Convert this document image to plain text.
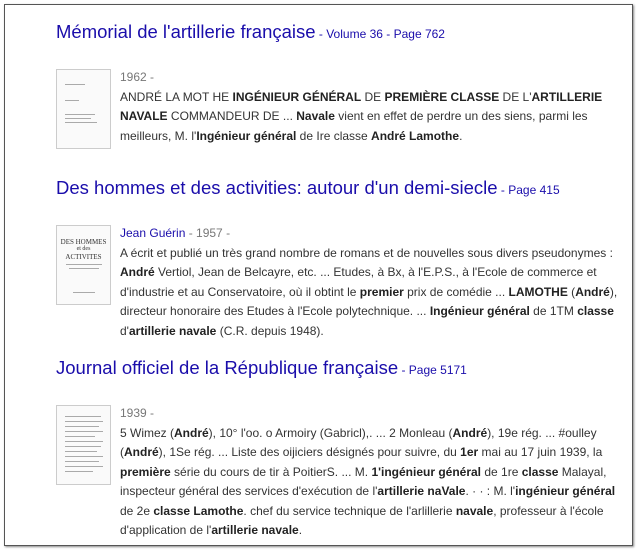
Mémorial de l'artillerie française - Volume 36 - Page 762
1962 -
ANDRÉ LA MOT HE INGÉNIEUR GÉNÉRAL DE PREMIÈRE CLASSE DE L'ARTILLERIE NAVALE COMMANDEUR DE ... Navale vient en effet de perdre un des siens, parmi les meilleurs, M. l'Ingénieur général de Ire classe André Lamothe.
Des hommes et des activities: autour d'un demi-siecle - Page 415
DES HOMMES
et des
ACTIVITES
Jean Guérin - 1957 -
A écrit et publié un très grand nombre de romans et de nouvelles sous divers pseudonymes : André Vertiol, Jean de Belcayre, etc. ... Etudes, à Bx, à l'E.P.S., à l'Ecole de commerce et d'industrie et au Conservatoire, où il obtint le premier prix de comédie ... LAMOTHE (André), directeur honoraire des Etudes à l'Ecole polytechnique. ... Ingénieur général de 1TM classe d'artillerie navale (C.R. depuis 1948).
Journal officiel de la République française - Page 5171
1939 -
5 Wimez (André), 10° l'oo. o Armoiry (Gabricl),. ... 2 Monleau (André), 19e rég. ... #oulley (André), 1Se rég. ... Liste des oijiciers désignés pour suivre, du 1er mai au 17 juin 1939, la première série du cours de tir à PoitierS. ... M. 1'ingénieur général de 1re classe Malayal, inspecteur général des services d'exécution de l'artillerie naVale. · · : M. l'ingénieur général de 2e classe Lamothe. chef du service technique de l'arlillerie navale, professeur à l'école d'application de l'artillerie navale.
